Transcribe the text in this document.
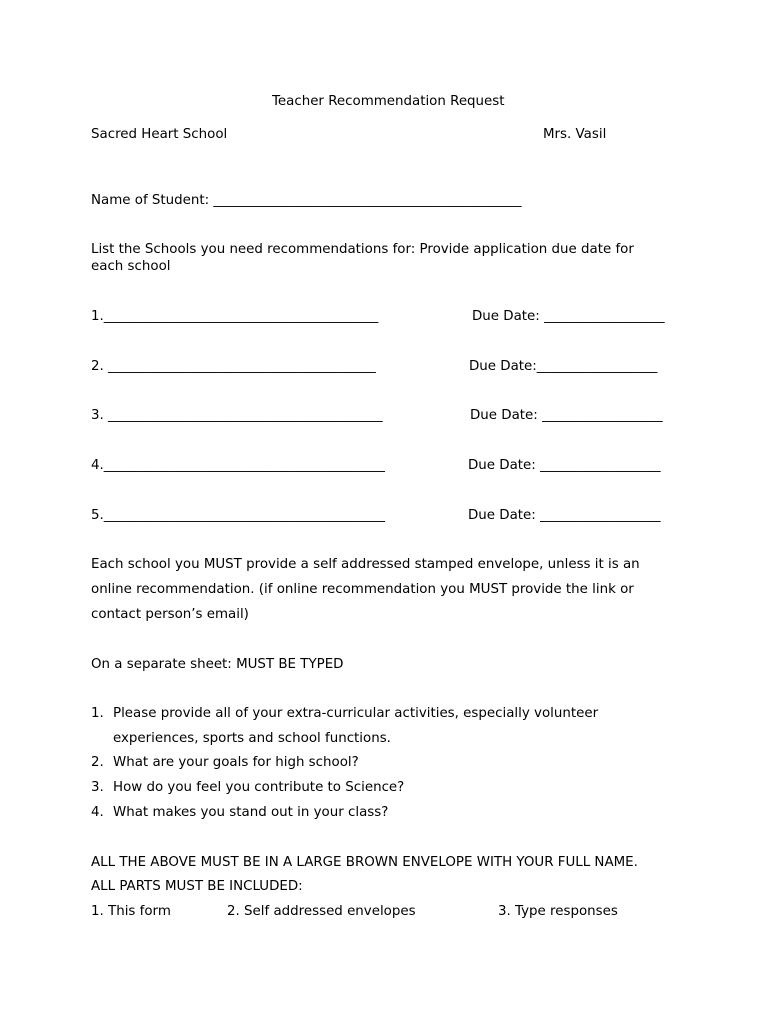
Teacher Recommendation Request
Sacred Heart School	Mrs. Vasil
Name of Student: ______________________________________________
List the Schools you need recommendations for: Provide application due date for
each school
1._________________________________________	Due Date: __________________
2. ________________________________________	Due Date:__________________
3. _________________________________________	Due Date: __________________
4.__________________________________________	Due Date: __________________
5.__________________________________________	Due Date: __________________
Each school you MUST provide a self addressed stamped envelope, unless it is an
online recommendation. (if online recommendation you MUST provide the link or
contact person’s email)
On a separate sheet: MUST BE TYPED
1. Please provide all of your extra-curricular activities, especially volunteer
experiences, sports and school functions.
2. What are your goals for high school?
3. How do you feel you contribute to Science?
4. What makes you stand out in your class?
ALL THE ABOVE MUST BE IN A LARGE BROWN ENVELOPE WITH YOUR FULL NAME.
ALL PARTS MUST BE INCLUDED:
1. This form	2. Self addressed envelopes	3. Type responses
